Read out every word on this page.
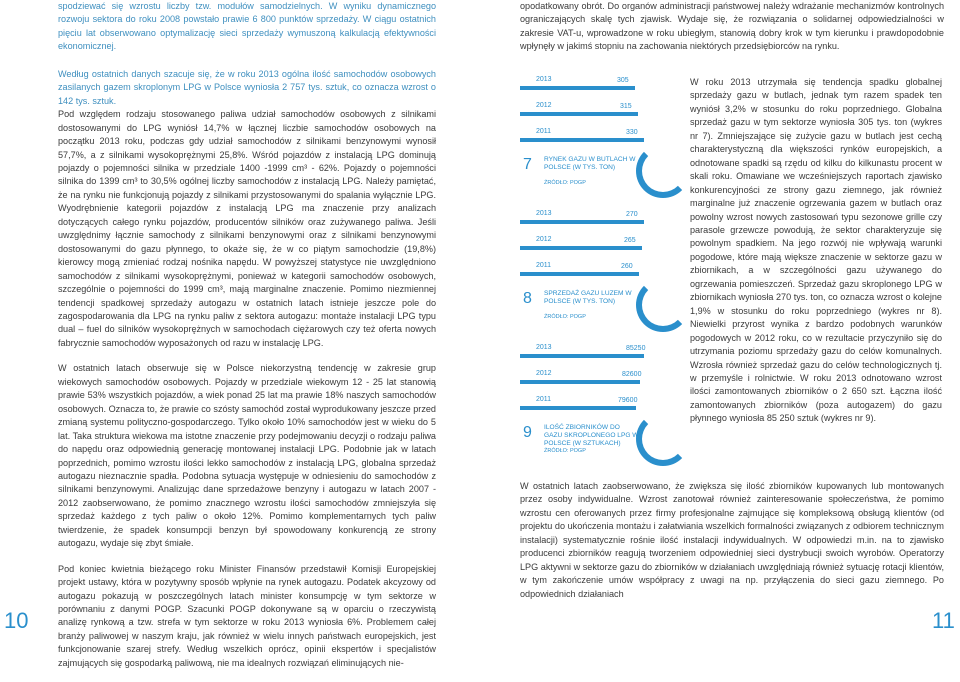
spodziewać się wzrostu liczby tzw. modułów samodzielnych. W wyniku dynamicznego rozwoju sektora do roku 2008 powstało prawie 6 800 punktów sprzedaży. W ciągu ostatnich pięciu lat obserwowano optymalizację sieci sprzedaży wymuszoną kalkulacją efektywności ekonomicznej.

Według ostatnich danych szacuje się, że w roku 2013 ogólna ilość samochodów osobowych zasilanych gazem skroplonym LPG w Polsce wyniosła 2 757 tys. sztuk, co oznacza wzrost o 142 tys. sztuk.

Pod względem rodzaju stosowanego paliwa udział samochodów osobowych z silnikami dostosowanymi do LPG wyniósł 14,7% w łącznej liczbie samochodów osobowych na początku 2013 roku, podczas gdy udział samochodów z silnikami benzynowymi wynosił 57,7%, a z silnikami wysokoprężnymi 25,8%. Wśród pojazdów z instalacją LPG dominują pojazdy o pojemności silnika w przedziale 1400 -1999 cm³ - 62%. Pojazdy o pojemności silnika do 1399 cm³ to 30,5% ogólnej liczby samochodów z instalacją LPG. Należy pamiętać, że na rynku nie funkcjonują pojazdy z silnikami przystosowanymi do spalania wyłącznie LPG. Wyodrębnienie kategorii pojazdów z instalacją LPG ma znaczenie przy analizach dotyczących całego rynku pojazdów, producentów silników oraz zużywanego paliwa. Jeśli uwzględnimy łącznie samochody z silnikami benzynowymi oraz z silnikami benzynowymi dostosowanymi do gazu płynnego, to okaże się, że w co piątym samochodzie (19,8%) kierowcy mogą zmieniać rodzaj nośnika napędu. W powyższej statystyce nie uwzględniono samochodów z silnikami wysokoprężnymi, ponieważ w kategorii samochodów osobowych, szczególnie o pojemności do 1999 cm³, mają marginalne znaczenie. Pomimo niezmiennej tendencji spadkowej sprzedaży autogazu w ostatnich latach istnieje jeszcze pole do zagospodarowania dla LPG na rynku paliw z sektora autogazu: montaże instalacji LPG typu dual – fuel do silników wysokoprężnych w samochodach ciężarowych czy też oferta nowych fabrycznie samochodów wyposażonych od razu w instalację LPG.

W ostatnich latach obserwuje się w Polsce niekorzystną tendencję w zakresie grup wiekowych samochodów osobowych. Pojazdy w przedziale wiekowym 12 - 25 lat stanowią prawie 53% wszystkich pojazdów, a wiek ponad 25 lat ma prawie 18% naszych samochodów osobowych. Oznacza to, że prawie co szósty samochód został wyprodukowany jeszcze przed zmianą systemu polityczno-gospodarczego. Tylko około 10% samochodów jest w wieku do 5 lat. Taka struktura wiekowa ma istotne znaczenie przy podejmowaniu decyzji o rodzaju paliwa do napędu oraz odpowiednią generację montowanej instalacji LPG. Podobnie jak w latach poprzednich, pomimo wzrostu ilości lekko samochodów z instalacją LPG, globalna sprzedaż autogazu nieznacznie spadła. Podobna sytuacja występuje w odniesieniu do samochodów z silnikami benzynowymi. Analizując dane sprzedażowe benzyny i autogazu w latach 2007 - 2012 zaobserwowano, że pomimo znacznego wzrostu ilości samochodów zmniejszyła się sprzedaż każdego z tych paliw o około 12%. Pomimo komplementarnych tych paliw twierdzenie, że spadek konsumpcji benzyn był spowodowany konkurencją ze strony autogazu, wydaje się zbyt śmiałe.

Pod koniec kwietnia bieżącego roku Minister Finansów przedstawił Komisji Europejskiej projekt ustawy, która w pozytywny sposób wpłynie na rynek autogazu. Podatek akcyzowy od autogazu pokazują w poszczególnych latach minister konsumpcję w tym sektorze w porównaniu z danymi POGP. Szacunki POGP dokonywane są w oparciu o rzeczywistą analizę rynkową a tzw. strefa w tym sektorze w roku 2013 wyniosła 6%. Problemem całej branży paliwowej w naszym kraju, jak również w wielu innych państwach europejskich, jest funkcjonowanie szarej strefy. Według wszelkich oprócz, opinii ekspertów i specjalistów zajmujących się gospodarką paliwową, nie ma idealnych rozwiązań eliminujących nie-

10

opodatkowany obrót. Do organów administracji państwowej należy wdrażanie mechanizmów kontrolnych ograniczających skalę tych zjawisk. Wydaje się, że rozwiązania o solidarnej odpowiedzialności w zakresie VAT-u, wprowadzone w roku ubiegłym, stanowią dobry krok w tym kierunku i prawdopodobnie wpłynęły w jakimś stopniu na zachowania niektórych przedsiębiorców na rynku.

2013	305
2012	315
2011	330
7 RYNEK GAZU W BUTLACH W POLSCE (W TYS. TON)
ŹRÓDŁO: POGP
2013	270
2012	265
2011	260
8 SPRZEDAŻ GAZU LUZEM W POLSCE (W TYS. TON)
ŹRÓDŁO: POGP
2013	85250
2012	82600
2011	79600
9 ILOŚĆ ZBIORNIKÓW DO GAZU SKROPLONEGO LPG W POLSCE (W SZTUKACH)
ŹRÓDŁO: POGP

W roku 2013 utrzymała się tendencja spadku globalnej sprzedaży gazu w butlach, jednak tym razem spadek ten wyniósł 3,2% w stosunku do roku poprzedniego. Globalna sprzedaż gazu w tym sektorze wyniosła 305 tys. ton (wykres nr 7). Zmniejszające się zużycie gazu w butlach jest cechą charakterystyczną dla większości rynków europejskich, a odnotowane spadki są rzędu od kilku do kilkunastu procent w skali roku. Omawiane we wcześniejszych raportach zjawisko konkurencyjności ze strony gazu ziemnego, jak również marginalne już znaczenie ogrzewania gazem w butlach oraz powolny wzrost nowych zastosowań typu sezonowe grille czy parasole grzewcze powodują, że sektor charakteryzuje się powolnym spadkiem. Na jego rozwój nie wpływają warunki pogodowe, które mają większe znaczenie w sektorze gazu w zbiornikach, a w szczególności gazu używanego do ogrzewania pomieszczeń. Sprzedaż gazu skroplonego LPG w zbiornikach wyniosła 270 tys. ton, co oznacza wzrost o kolejne 1,9% w stosunku do roku poprzedniego (wykres nr 8). Niewielki przyrost wynika z bardzo podobnych warunków pogodowych w 2012 roku, co w rezultacie przyczyniło się do utrzymania poziomu sprzedaży gazu do celów komunalnych. Wzrosła również sprzedaż gazu do celów technologicznych tj. w przemyśle i rolnictwie. W roku 2013 odnotowano wzrost ilości zamontowanych zbiorników o 2 650 szt. Łączna ilość zamontowanych zbiorników (poza autogazem) do gazu płynnego wyniosła 85 250 sztuk (wykres nr 9).

W ostatnich latach zaobserwowano, że zwiększa się ilość zbiorników kupowanych lub montowanych przez osoby indywidualne. Wzrost zanotował również zainteresowanie społeczeństwa, że pomimo wzrostu cen oferowanych przez firmy profesjonalne zajmujące się kompleksową obsługą klientów (od projektu do ukończenia montażu i załatwiania wszelkich formalności związanych z odbiorem technicznym instalacji) systematycznie rośnie ilość instalacji indywidualnych. W odpowiedzi m.in. na to zjawisko producenci zbiorników reagują tworzeniem odpowiedniej sieci dystrybucji swoich wyrobów. Operatorzy LPG aktywni w sektorze gazu do zbiorników w działaniach uwzględniają również sytuację rotacji klientów, w tym zakończenie umów współpracy z uwagi na np. przyłączenia do sieci gazu ziemnego. Po odpowiednich działaniach

11
